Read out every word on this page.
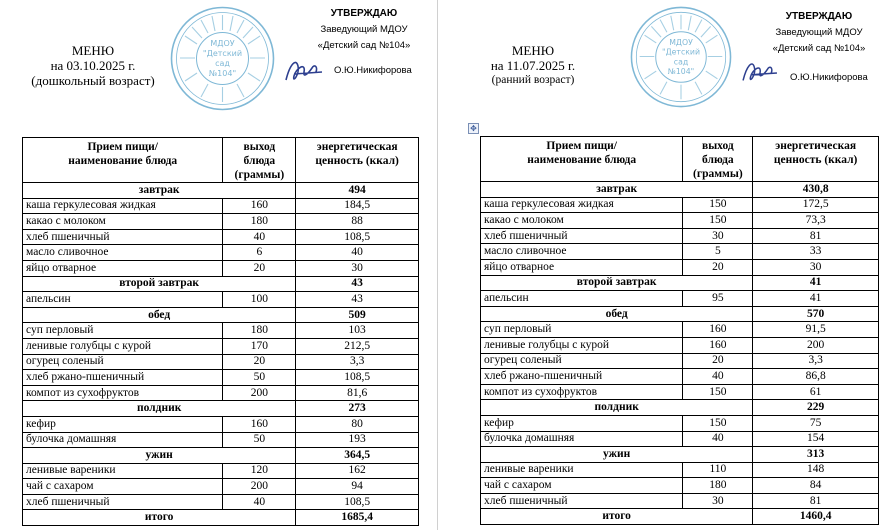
МЕНЮ
на 03.10.2025 г.
(дошкольный возраст)
МДОУ
"Детский
сад
№104"
УТВЕРЖДАЮ
Заведующий МДОУ
«Детский сад №104»
О.Ю.Никифорова
Прием пищи/
наименование блюда	выход
блюда
(граммы)	энергетическая
ценность (ккал)
завтрак		494
каша геркулесовая жидкая	160	184,5
какао с молоком	180	88
хлеб пшеничный	40	108,5
масло сливочное	6	40
яйцо отварное	20	30
второй завтрак		43
апельсин	100	43
обед		509
суп перловый	180	103
ленивые голубцы с курой	170	212,5
огурец соленый	20	3,3
хлеб ржано-пшеничный	50	108,5
компот из сухофруктов	200	81,6
полдник		273
кефир	160	80
булочка домашняя	50	193
ужин		364,5
ленивые вареники	120	162
чай с сахаром	200	94
хлеб пшеничный	40	108,5
итого		1685,4
МЕНЮ
на 11.07.2025 г.
(ранний возраст)
МДОУ
"Детский
сад
№104"
УТВЕРЖДАЮ
Заведующий МДОУ
«Детский сад №104»
О.Ю.Никифорова
✥
Прием пищи/
наименование блюда	выход
блюда
(граммы)	энергетическая
ценность (ккал)
завтрак		430,8
каша геркулесовая жидкая	150	172,5
какао с молоком	150	73,3
хлеб пшеничный	30	81
масло сливочное	5	33
яйцо отварное	20	30
второй завтрак		41
апельсин	95	41
обед		570
суп перловый	160	91,5
ленивые голубцы с курой	160	200
огурец соленый	20	3,3
хлеб ржано-пшеничный	40	86,8
компот из сухофруктов	150	61
полдник		229
кефир	150	75
булочка домашняя	40	154
ужин		313
ленивые вареники	110	148
чай с сахаром	180	84
хлеб пшеничный	30	81
итого		1460,4
